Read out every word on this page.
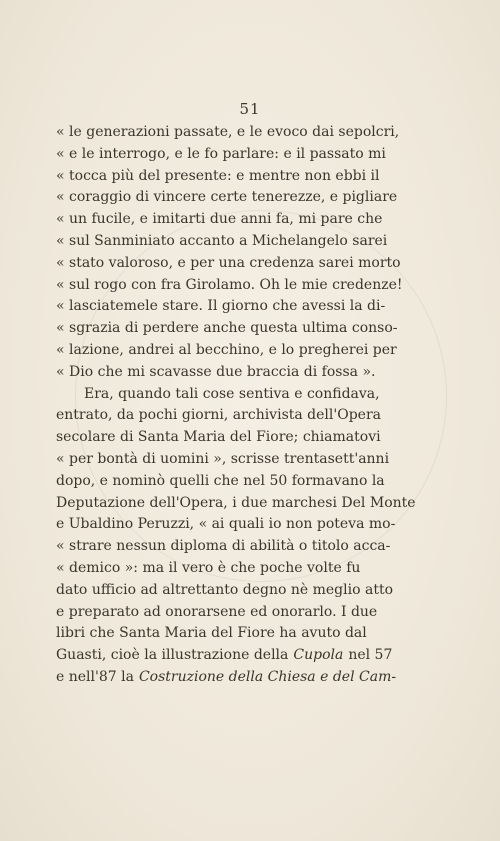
51
« le generazioni passate, e le evoco dai sepolcri,
« e le interrogo, e le fo parlare: e il passato mi
« tocca più del presente: e mentre non ebbi il
« coraggio di vincere certe tenerezze, e pigliare
« un fucile, e imitarti due anni fa, mi pare che
« sul Sanminiato accanto a Michelangelo sarei
« stato valoroso, e per una credenza sarei morto
« sul rogo con fra Girolamo. Oh le mie credenze!
« lasciatemele stare. Il giorno che avessi la di-
« sgrazia di perdere anche questa ultima conso-
« lazione, andrei al becchino, e lo pregherei per
« Dio che mi scavasse due braccia di fossa ».
Era, quando tali cose sentiva e confidava,
entrato, da pochi giorni, archivista dell'Opera
secolare di Santa Maria del Fiore; chiamatovi
« per bontà di uomini », scrisse trentasett'anni
dopo, e nominò quelli che nel 50 formavano la
Deputazione dell'Opera, i due marchesi Del Monte
e Ubaldino Peruzzi, « ai quali io non poteva mo-
« strare nessun diploma di abilità o titolo acca-
« demico »: ma il vero è che poche volte fu
dato ufficio ad altrettanto degno nè meglio atto
e preparato ad onorarsene ed onorarlo. I due
libri che Santa Maria del Fiore ha avuto dal
Guasti, cioè la illustrazione della Cupola nel 57
e nell'87 la Costruzione della Chiesa e del Cam-
